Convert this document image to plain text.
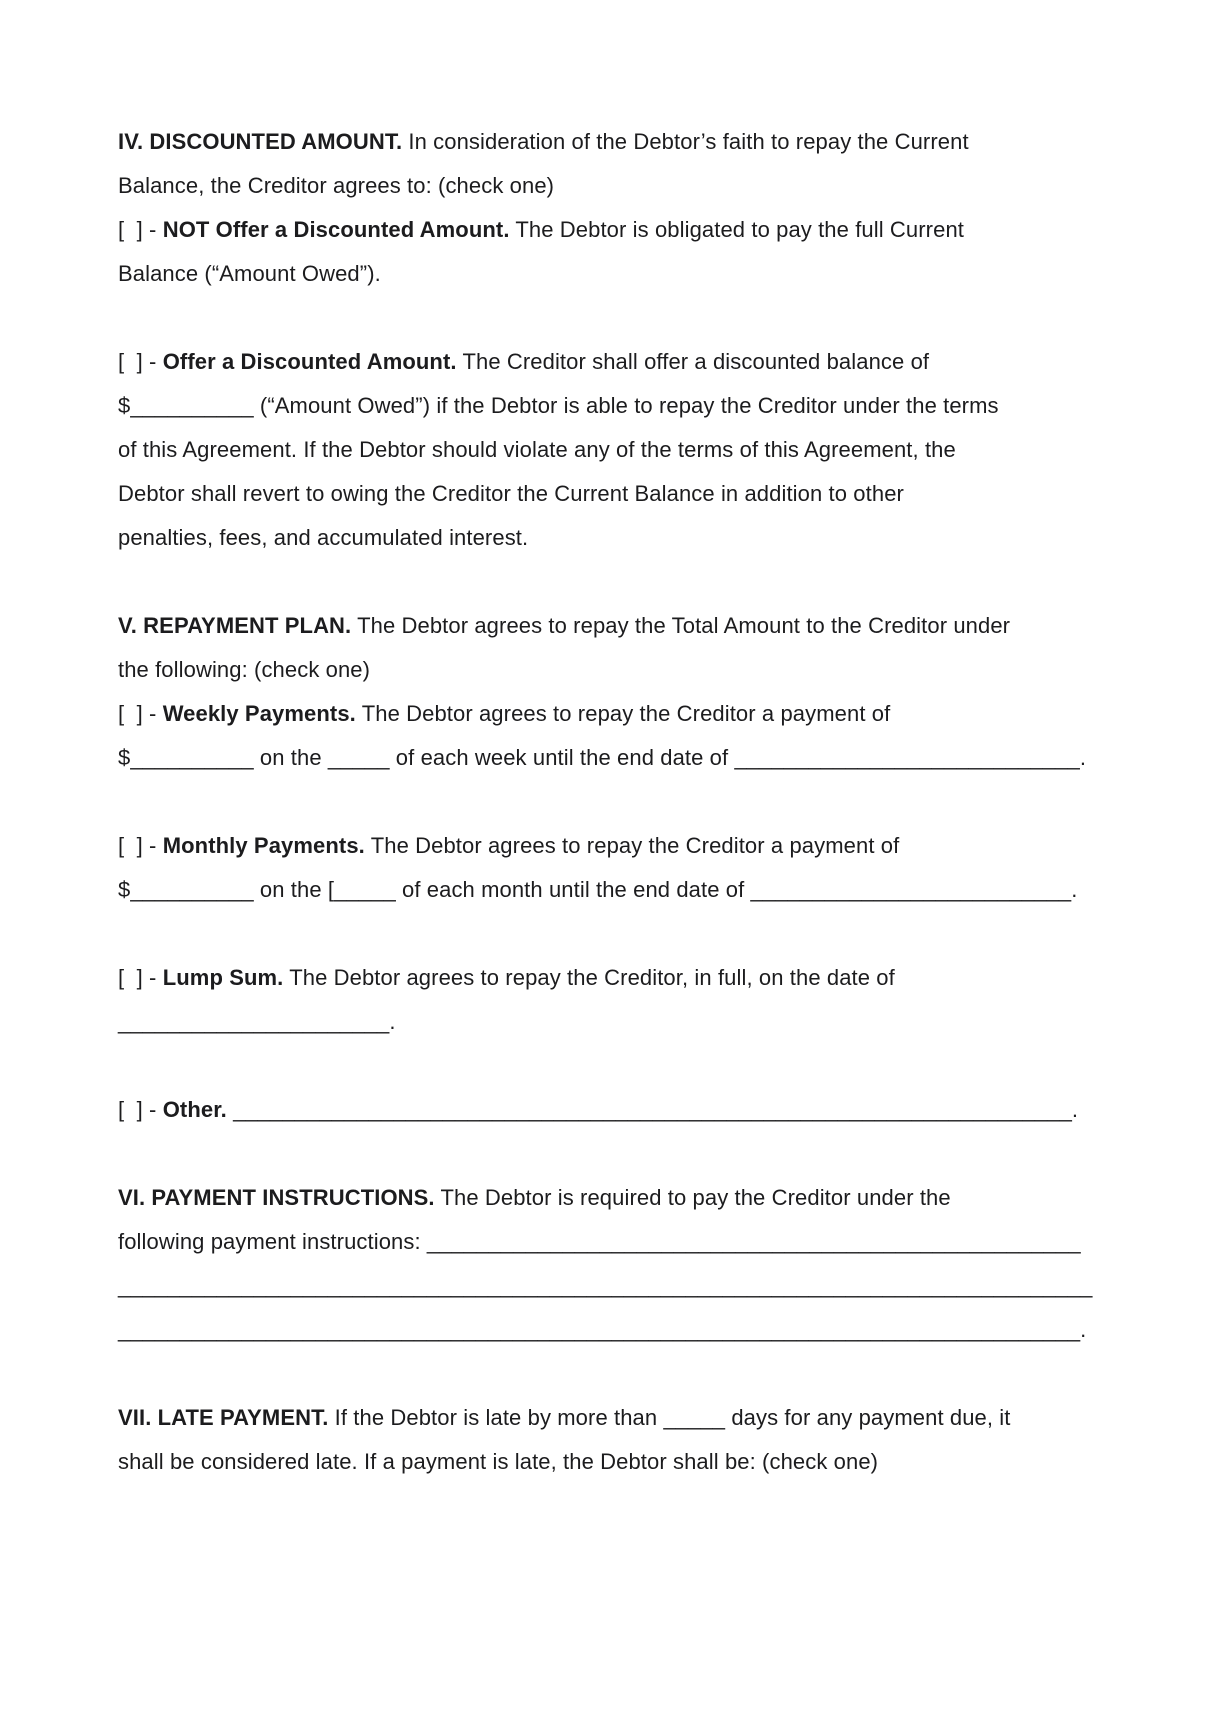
IV. DISCOUNTED AMOUNT. In consideration of the Debtor’s faith to repay the Current
Balance, the Creditor agrees to: (check one)
[  ] - NOT Offer a Discounted Amount. The Debtor is obligated to pay the full Current
Balance (“Amount Owed”).
[  ] - Offer a Discounted Amount. The Creditor shall offer a discounted balance of
$__________ (“Amount Owed”) if the Debtor is able to repay the Creditor under the terms
of this Agreement. If the Debtor should violate any of the terms of this Agreement, the
Debtor shall revert to owing the Creditor the Current Balance in addition to other
penalties, fees, and accumulated interest.
V. REPAYMENT PLAN. The Debtor agrees to repay the Total Amount to the Creditor under
the following: (check one)
[  ] - Weekly Payments. The Debtor agrees to repay the Creditor a payment of
$__________ on the _____ of each week until the end date of ____________________________.
[  ] - Monthly Payments. The Debtor agrees to repay the Creditor a payment of
$__________ on the [_____ of each month until the end date of __________________________.
[  ] - Lump Sum. The Debtor agrees to repay the Creditor, in full, on the date of
______________________.
[  ] - Other. ____________________________________________________________________.
VI. PAYMENT INSTRUCTIONS. The Debtor is required to pay the Creditor under the
following payment instructions: _____________________________________________________
_______________________________________________________________________________
______________________________________________________________________________.
VII. LATE PAYMENT. If the Debtor is late by more than _____ days for any payment due, it
shall be considered late. If a payment is late, the Debtor shall be: (check one)
